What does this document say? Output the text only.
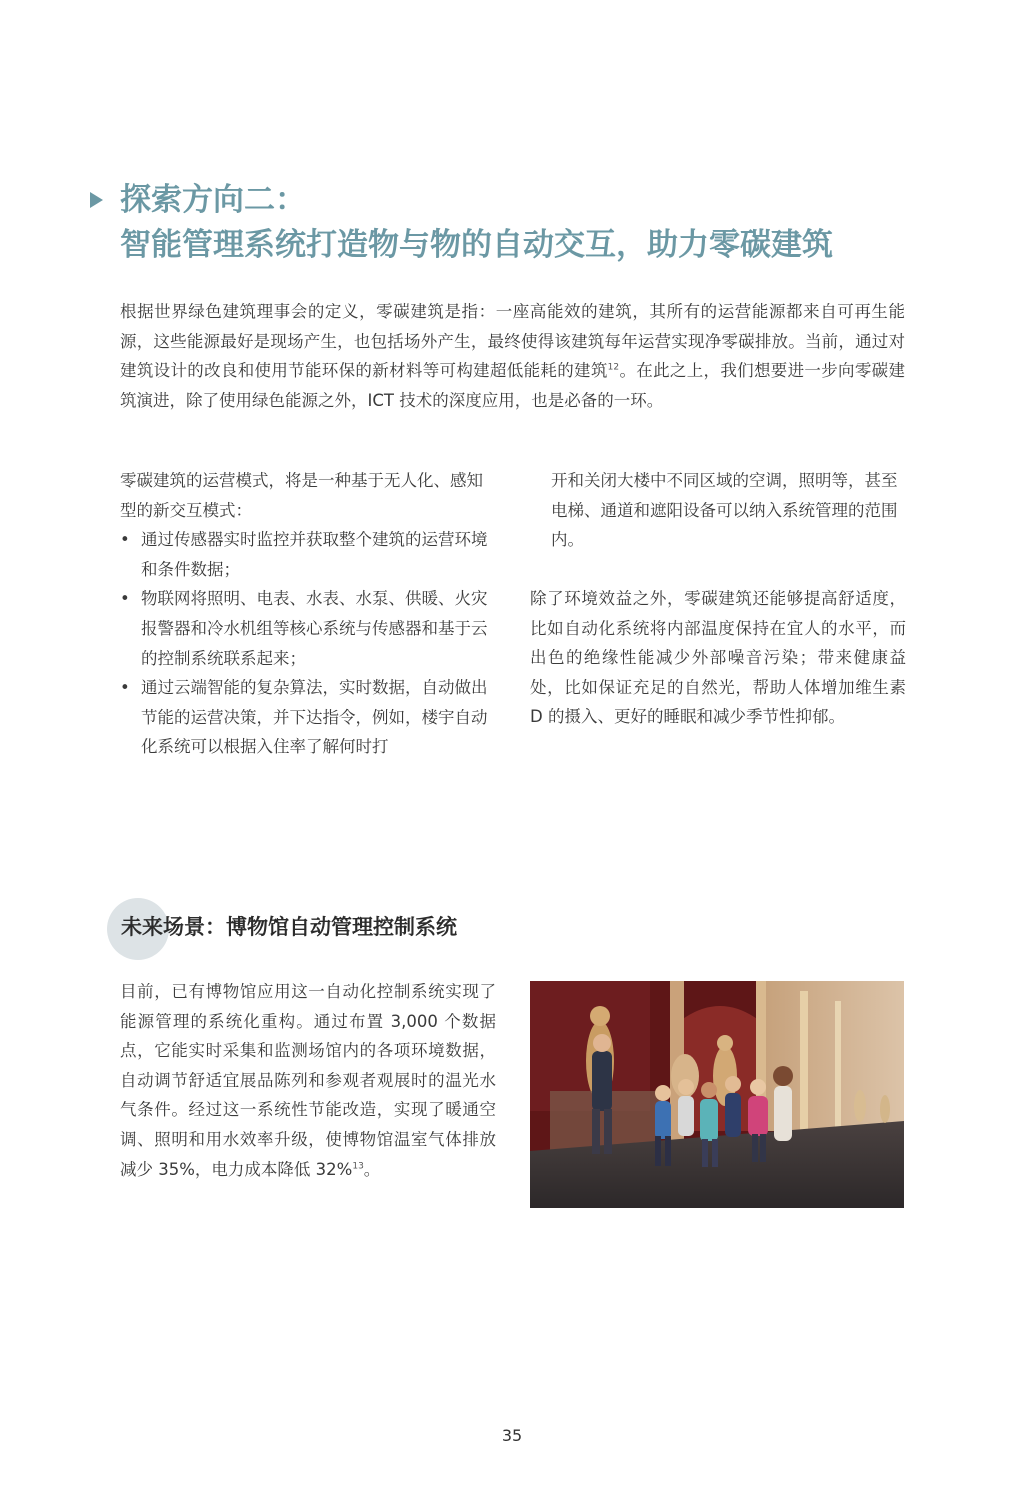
探索方向二：
智能管理系统打造物与物的自动交互，助力零碳建筑
根据世界绿色建筑理事会的定义，零碳建筑是指：一座高能效的建筑，其所有的运营能源都来自可再生能源，这些能源最好是现场产生，也包括场外产生，最终使得该建筑每年运营实现净零碳排放。当前，通过对建筑设计的改良和使用节能环保的新材料等可构建超低能耗的建筑$^{12}$。在此之上，我们想要进一步向零碳建筑演进，除了使用绿色能源之外，ICT 技术的深度应用，也是必备的一环。
零碳建筑的运营模式，将是一种基于无人化、感知型的新交互模式：
• 通过传感器实时监控并获取整个建筑的运营环境和条件数据；
• 物联网将照明、电表、水表、水泵、供暖、火灾报警器和冷水机组等核心系统与传感器和基于云的控制系统联系起来；
• 通过云端智能的复杂算法，实时数据，自动做出节能的运营决策，并下达指令，例如，楼宇自动化系统可以根据入住率了解何时打
开和关闭大楼中不同区域的空调，照明等，甚至电梯、通道和遮阳设备可以纳入系统管理的范围内。
除了环境效益之外，零碳建筑还能够提高舒适度，比如自动化系统将内部温度保持在宜人的水平，而出色的绝缘性能减少外部噪音污染；带来健康益处，比如保证充足的自然光，帮助人体增加维生素 D 的摄入、更好的睡眠和减少季节性抑郁。
未来场景：博物馆自动管理控制系统
目前，已有博物馆应用这一自动化控制系统实现了能源管理的系统化重构。通过布置 3,000 个数据点，它能实时采集和监测场馆内的各项环境数据，自动调节舒适宜展品陈列和参观者观展时的温光水气条件。经过这一系统性节能改造，实现了暖通空调、照明和用水效率升级，使博物馆温室气体排放减少 35%，电力成本降低 32%$^{13}$。
35
